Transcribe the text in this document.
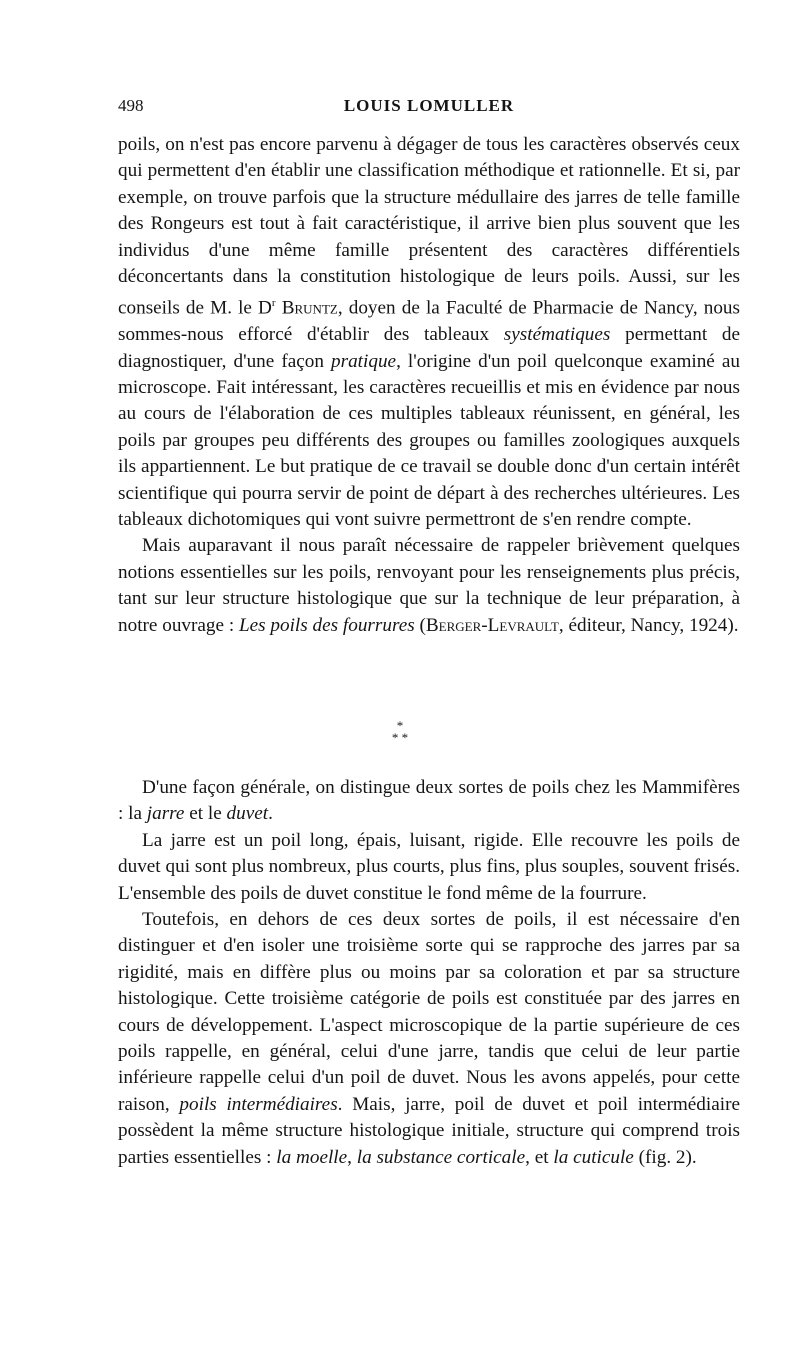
498	LOUIS LOMULLER

poils, on n'est pas encore parvenu à dégager de tous les caractères observés ceux qui permettent d'en établir une classification méthodique et rationnelle. Et si, par exemple, on trouve parfois que la structure médullaire des jarres de telle famille des Rongeurs est tout à fait caractéristique, il arrive bien plus souvent que les individus d'une même famille présentent des caractères différentiels déconcertants dans la constitution histologique de leurs poils. Aussi, sur les conseils de M. le $D^r$ Bruntz, doyen de la Faculté de Pharmacie de Nancy, nous sommes-nous efforcé d'établir des tableaux systématiques permettant de diagnostiquer, d'une façon pratique, l'origine d'un poil quelconque examiné au microscope. Fait intéressant, les caractères recueillis et mis en évidence par nous au cours de l'élaboration de ces multiples tableaux réunissent, en général, les poils par groupes peu différents des groupes ou familles zoologiques auxquels ils appartiennent. Le but pratique de ce travail se double donc d'un certain intérêt scientifique qui pourra servir de point de départ à des recherches ultérieures. Les tableaux dichotomiques qui vont suivre permettront de s'en rendre compte.

Mais auparavant il nous paraît nécessaire de rappeler brièvement quelques notions essentielles sur les poils, renvoyant pour les renseignements plus précis, tant sur leur structure histologique que sur la technique de leur préparation, à notre ouvrage : Les poils des fourrures (Berger-Levrault, éditeur, Nancy, 1924).

*
* *

D'une façon générale, on distingue deux sortes de poils chez les Mammifères : la jarre et le duvet.

La jarre est un poil long, épais, luisant, rigide. Elle recouvre les poils de duvet qui sont plus nombreux, plus courts, plus fins, plus souples, souvent frisés. L'ensemble des poils de duvet constitue le fond même de la fourrure.

Toutefois, en dehors de ces deux sortes de poils, il est nécessaire d'en distinguer et d'en isoler une troisième sorte qui se rapproche des jarres par sa rigidité, mais en diffère plus ou moins par sa coloration et par sa structure histologique. Cette troisième catégorie de poils est constituée par des jarres en cours de développement. L'aspect microscopique de la partie supérieure de ces poils rappelle, en général, celui d'une jarre, tandis que celui de leur partie inférieure rappelle celui d'un poil de duvet. Nous les avons appelés, pour cette raison, poils intermédiaires. Mais, jarre, poil de duvet et poil intermédiaire possèdent la même structure histologique initiale, structure qui comprend trois parties essentielles : la moelle, la substance corticale, et la cuticule (fig. 2).
